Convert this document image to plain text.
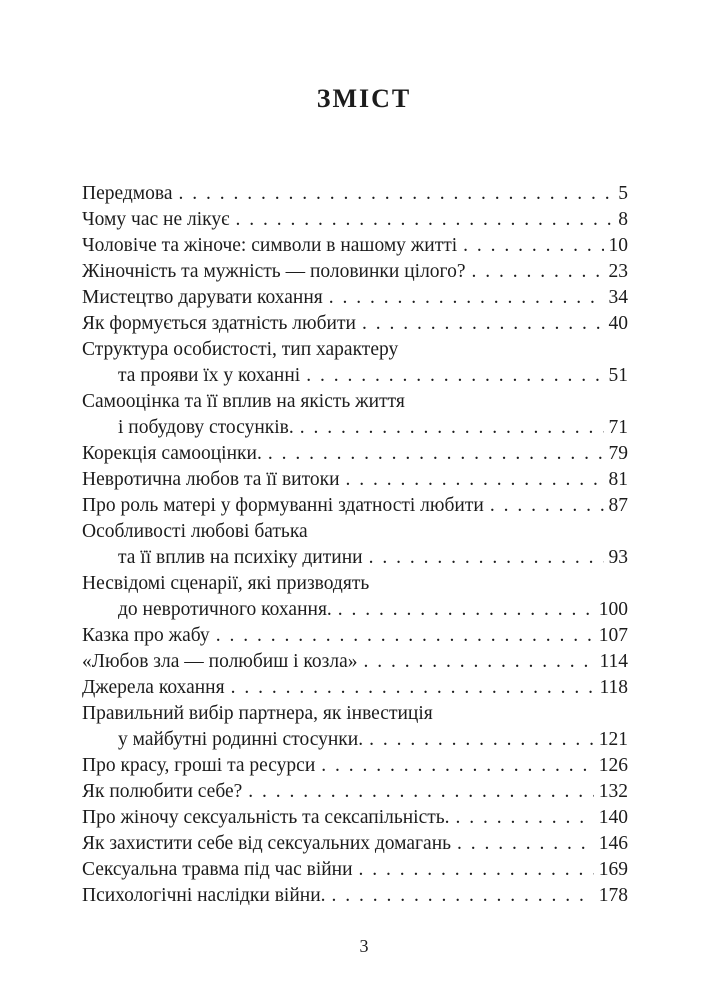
ЗМІСТ
Передмова . . .	5
Чому час не лікує . . .	8
Чоловіче та жіноче: символи в нашому житті . . .	10
Жіночність та мужність — половинки цілого? . . .	23
Мистецтво дарувати кохання . . .	34
Як формується здатність любити . . .	40
Структура особистості, тип характеру
та прояви їх у коханні . . .	51
Самооцінка та її вплив на якість життя
і побудову стосунків. . . .	71
Корекція самооцінки. . . .	79
Невротична любов та її витоки . . .	81
Про роль матері у формуванні здатності любити . . .	87
Особливості любові батька
та її вплив на психіку дитини . . .	93
Несвідомі сценарії, які призводять
до невротичного кохання. . . .	100
Казка про жабу . . .	107
«Любов зла — полюбиш і козла» . . .	114
Джерела кохання . . .	118
Правильний вибір партнера, як інвестиція
у майбутні родинні стосунки. . . .	121
Про красу, гроші та ресурси . . .	126
Як полюбити себе? . . .	132
Про жіночу сексуальність та сексапільність. . . .	140
Як захистити себе від сексуальних домагань . . .	146
Сексуальна травма під час війни . . .	169
Психологічні наслідки війни. . . .	178
3
